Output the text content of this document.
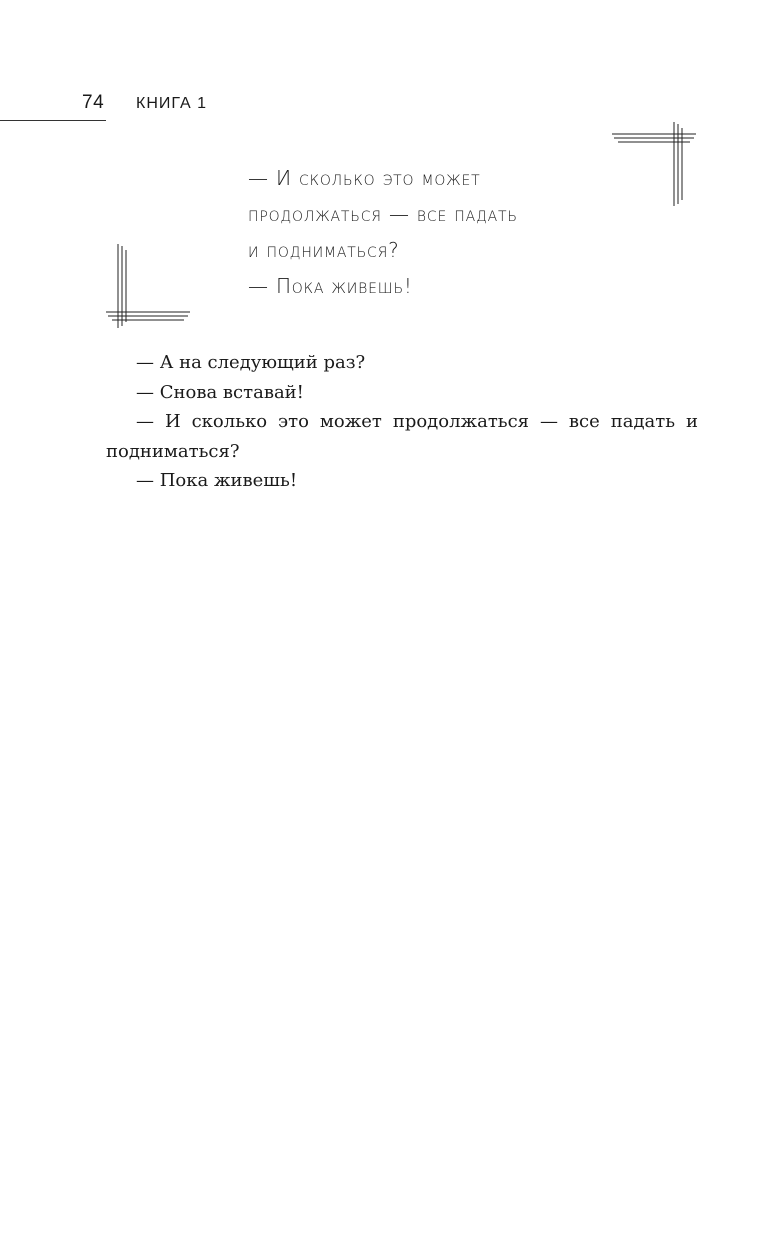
74 КНИГА 1
— И сколько это может
продолжаться — все падать
и подниматься?
— Пока живешь!

— А на следующий раз?

— Снова вставай!

— И сколько это может продолжаться — все падать и подниматься?

— Пока живешь!
